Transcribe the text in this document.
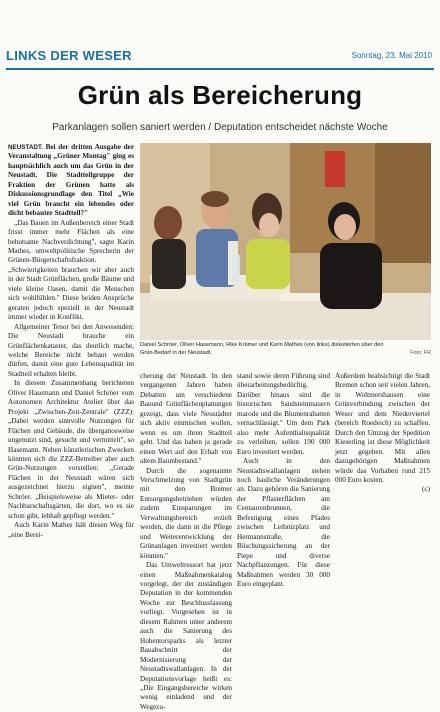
LINKS DER WESER	Sonntag, 23. Mai 2010
Grün als Bereicherung
Parkanlagen sollen saniert werden / Deputation entscheidet nächste Woche

NEUSTADT. Bei der dritten Ausgabe der Veranstaltung „Grüner Montag" ging es hauptsächlich auch um das Grün in der Neustadt. Die Stadtteilgruppe der Fraktion der Grünen hatte als Diskussionsgrundlage den Titel „Wie viel Grün braucht ein lebendes oder dicht bebauter Stadtteil?"

„Das Bauen im Außenbereich einer Stadt frisst immer mehr Flächen als eine behutsame Nachverdichtung", sagte Karin Mathes, umweltpolitische Sprecherin der Grünen-Bürgerschaftsfraktion. „Schwierigkeiten brauchen wir aber auch in der Stadt Grünflächen, große Bäume und viele kleine Oasen, damit die Menschen sich wohlfühlen." Diese beiden Ansprüche geraten jedoch speziell in der Neustadt immer wieder in Konflikt.

Allgemeiner Tenor bei den Anwesenden: Die Neustadt brauche ein Grünflächenkataster, das deutlich mache, welche Bereiche nicht bebaut werden dürfen, damit eine gute Lebensqualität im Stadtteil erhalten bleibt.

In diesem Zusammenhang berichteten Oliver Hasemann und Daniel Schröer vom Autonomen Architektur Atelier über das Projekt „Zwischen-Zeit-Zentrale" (ZZZ): „Dabei werden sinnvolle Nutzungen für Flächen und Gebäude, die überganosweise ungenutzt sind, gesucht und vermittelt", so Hasemann. Neben künstlerischen Zwecken könnten sich die ZZZ-Betreiber aber auch Grün-Nutzungen vorstellen: „Gerade Flächen in der Neustadt wären sich ausgezeichnet hierzu eignen", meinte Schröer. „Beispielsweise als Mieter- oder Nachbarschaftsgärten, die dort, wo es sie schon gibt, lebhaft gepflegt werden."

Auch Karin Mathes hält diesen Weg für „eine Berei-

Daniel Schröer, Oliver Hasemann, Rike Krämer und Karin Mathes (von links) diskutierten über den Grün-Bedarf in der Neustadt.	Foto: FR

cherung der Neustadt. In den vergangenen Jahren haben Debatten um verschiedene Bauund Grünflächenplanungen gezeigt, dass viele Neustädter sich aktiv einmischen wollen, wenn es um ihren Stadtteil geht. Und das haben ja gerade einen Wert auf den Erhalt von altem Baumbestand."

Durch die sogenannte Verschmelzung von Stadtgrün mit den Bremer Entsorgungsbetrieben würden zudem Einsparungen im Verwaltungsbereich erzielt werden, die dann in die Pflege und Weiterentwicklung der Grünanlagen investiert werden könnten."

Das Umweltressort hat jetzt einen Maßnahmenkatalog vorgelegt, der der zuständigen Deputation in der kommenden Woche zur Beschlussfassung vorliegt. Vorgesehen ist in diesem Rahmen unter anderem auch die Sanierung des Hohentorsparks als letzter Bauabschnitt der Modernisierung der Neustadtswallanlagen. In der Deputationsvorlage heißt es: „Die Eingangsbereiche wirken wenig einladend und der Wegezu-

stand sowie deren Führung sind überarbeitungsbedürftig. Darüber hinaus sind die historischen Sandsteinmauern marode und die Blumenrabatten vernachlässigt." Um dem Park also mehr Aufenthaltsqualität zu verleihen, sollen 190 000 Euro investiert werden.

Auch in den Neustadtswallanlagen stehen noch bauliche Veränderungen an. Dazu gehören die Sanierung der Pflasterflächen am Centaurenbrunnen, die Befestigung eines Pfades zwischen Leibnizplatz und Hermannstraße, die Böschungssicherung an der Piepe und diverse Nachpflanzungen. Für diese Maßnahmen werden 30 000 Euro eingeplant.

Außerdem beabsichtigt die Stadt Bremen schon seit vielen Jahren, in Woltmershausen eine Grünverbindung zwischen der Weser und dem Niederviertel (bereich Roedeich) zu schaffen. Durch den Umzug der Spedition Kieserling ist diese Möglichkeit jetzt gegeben. Mit allen dazugehörigen Maßnahmen würde das Vorhaben rund 215 000 Euro kosten.

(c)
